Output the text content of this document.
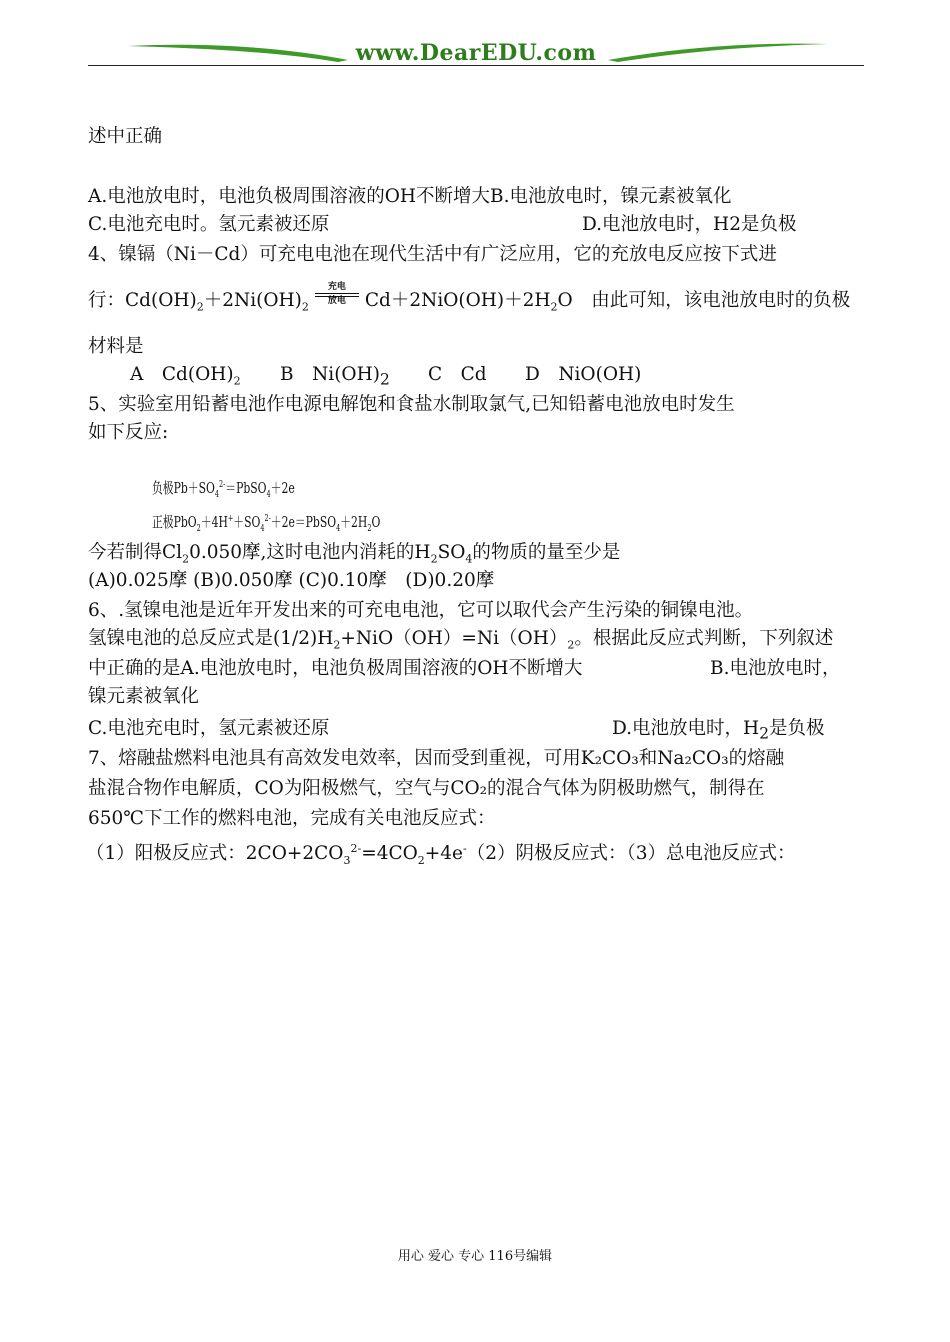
www.DearEDU.com
述中正确
A.电池放电时，电池负极周围溶液的OH不断增大B.电池放电时，镍元素被氧化
C.电池充电时。氢元素被还原	D.电池放电时，H2是负极
4、镍镉（Ni－Cd）可充电电池在现代生活中有广泛应用，它的充放电反应按下式进
行：$Cd(OH)_2+2Ni(OH)_2$
充电
放电	$Cd+2NiO(OH)+2H_2O$　由此可知，该电池放电时的负极
材料是
A　$Cd(OH)_2$ B　$Ni(OH)_2$ C　Cd D　NiO(OH)
5、实验室用铅蓄电池作电源电解饱和食盐水制取氯气,已知铅蓄电池放电时发生
如下反应:
负极$Pb+SO_4^{2-}=PbSO_4+2e$
正极$PbO_2+4H^++SO_4^{2-}+2e=PbSO_4+2H_2O$
今若制得$Cl_20.050$摩,这时电池内消耗的$H_2SO_4$的物质的量至少是
(A)0.025摩 (B)0.050摩 (C)0.10摩　(D)0.20摩
6、.氢镍电池是近年开发出来的可充电电池，它可以取代会产生污染的铜镍电池。
氢镍电池的总反应式是$(1/2)H_2+NiO(OH)=Ni(OH)_2$。根据此反应式判断，下列叙述
中正确的是A.电池放电时，电池负极周围溶液的OH不断增大	B.电池放电时，
镍元素被氧化
C.电池充电时，氢元素被还原	D.电池放电时，$H_2$是负极
7、熔融盐燃料电池具有高效发电效率，因而受到重视，可用K₂CO₃和Na₂CO₃的熔融
盐混合物作电解质，CO为阳极燃气，空气与CO₂的混合气体为阴极助燃气，制得在
650℃下工作的燃料电池，完成有关电池反应式：
（1）阳极反应式：$2CO+2CO_3^{2-}=4CO_2+4e^-(2)$阴极反应式：（3）总电池反应式：
用心 爱心 专心 116号编辑
